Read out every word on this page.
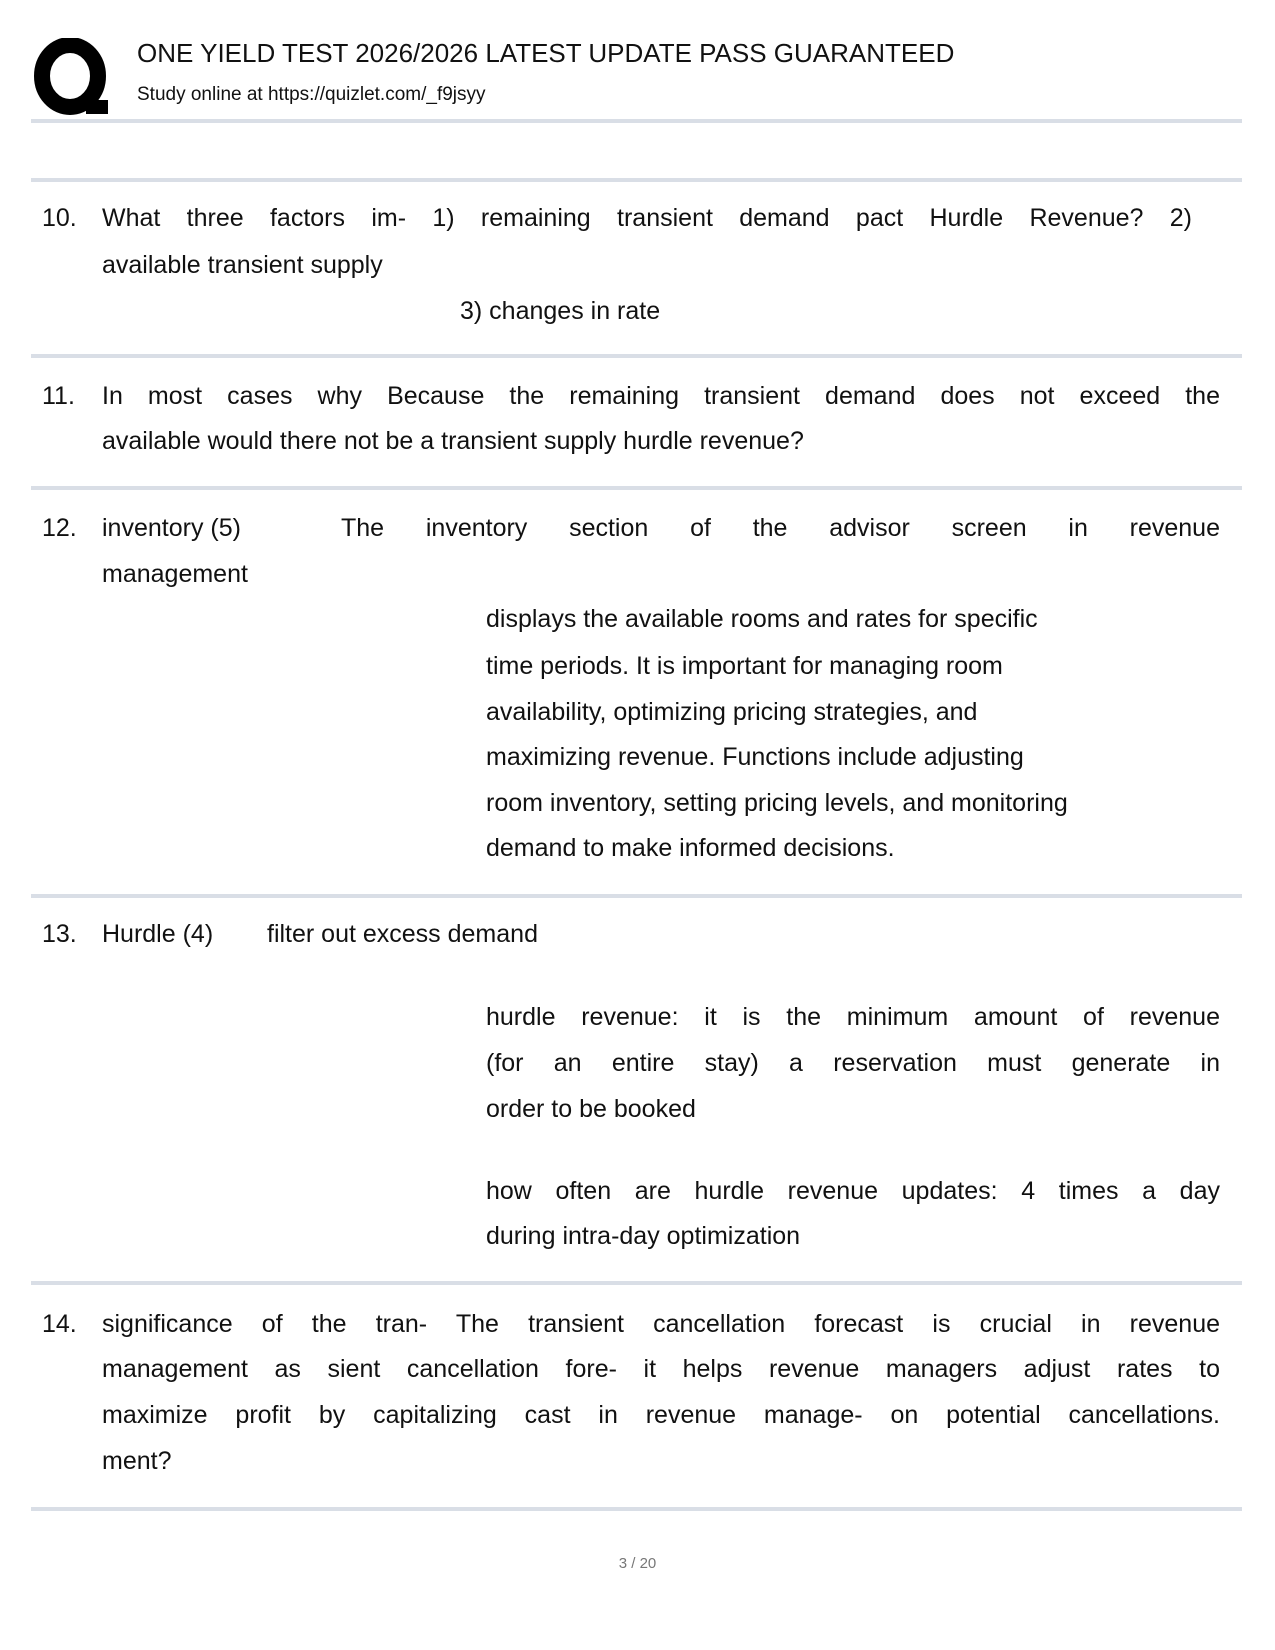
ONE YIELD TEST 2026/2026 LATEST UPDATE PASS GUARANTEED
Study online at https://quizlet.com/_f9jsyy
10. What three factors im- 1) remaining transient demand pact Hurdle Revenue? 2)
available transient supply
3) changes in rate
11. In most cases why Because the remaining transient demand does not exceed the
available would there not be a transient supply hurdle revenue?
12. inventory (5)
management
The inventory section of the advisor screen in revenue
displays the available rooms and rates for specific
time periods. It is important for managing room
availability, optimizing pricing strategies, and
maximizing revenue. Functions include adjusting
room inventory, setting pricing levels, and monitoring
demand to make informed decisions.
13. Hurdle (4) filter out excess demand
hurdle revenue: it is the minimum amount of revenue
(for an entire stay) a reservation must generate in
order to be booked
how often are hurdle revenue updates: 4 times a day
during intra-day optimization
14. significance of the tran- The transient cancellation forecast is crucial in revenue
management as sient cancellation fore- it helps revenue managers adjust rates to
maximize profit by capitalizing cast in revenue manage- on potential cancellations.
ment?
3 / 20
